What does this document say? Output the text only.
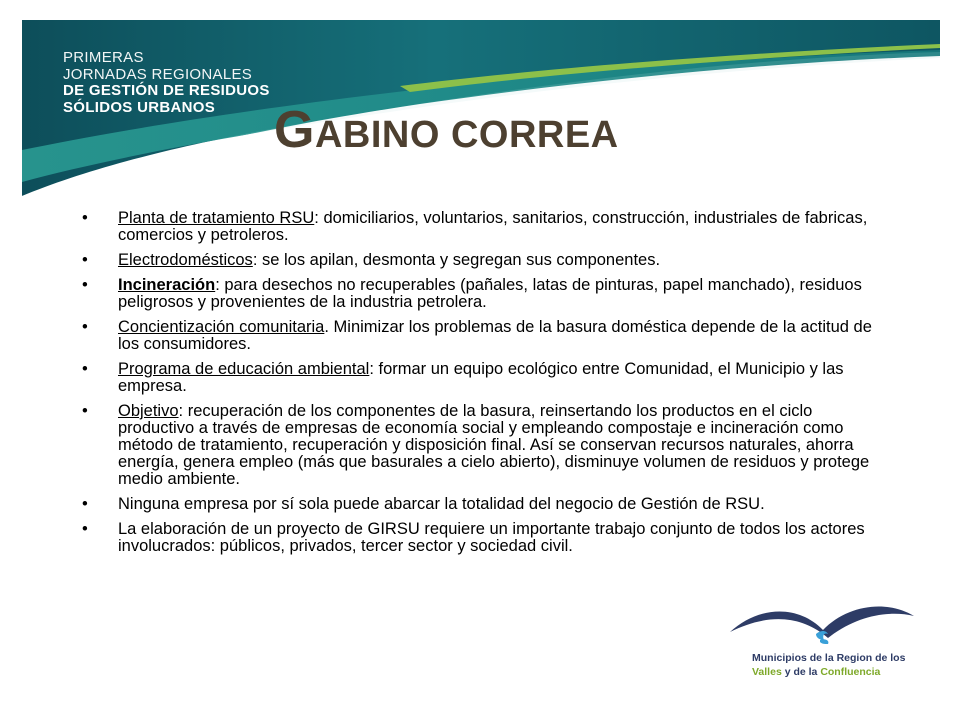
PRIMERAS
JORNADAS REGIONALES
DE GESTIÓN DE RESIDUOS
SÓLIDOS URBANOS	GABINO CORREA
• Planta de tratamiento RSU: domiciliarios, voluntarios, sanitarios, construcción, industriales de fabricas, comercios y petroleros.
• Electrodomésticos: se los apilan, desmonta y segregan sus componentes.
• Incineración: para desechos no recuperables (pañales, latas de pinturas, papel manchado), residuos peligrosos y provenientes de la industria petrolera.
• Concientización comunitaria. Minimizar los problemas de la basura doméstica depende de la actitud de los consumidores.
• Programa de educación ambiental: formar un equipo ecológico entre Comunidad, el Municipio y las empresa.
• Objetivo: recuperación de los componentes de la basura, reinsertando los productos en el ciclo productivo a través de empresas de economía social y empleando compostaje e incineración como método de tratamiento, recuperación y disposición final. Así se conservan recursos naturales, ahorra energía, genera empleo (más que basurales a cielo abierto), disminuye volumen de residuos y protege medio ambiente.
• Ninguna empresa por sí sola puede abarcar la totalidad del negocio de Gestión de RSU.
• La elaboración de un proyecto de GIRSU requiere un importante trabajo conjunto de todos los actores involucrados: públicos, privados, tercer sector y sociedad civil.
Municipios de la Region de los
Valles y de la Confluencia
